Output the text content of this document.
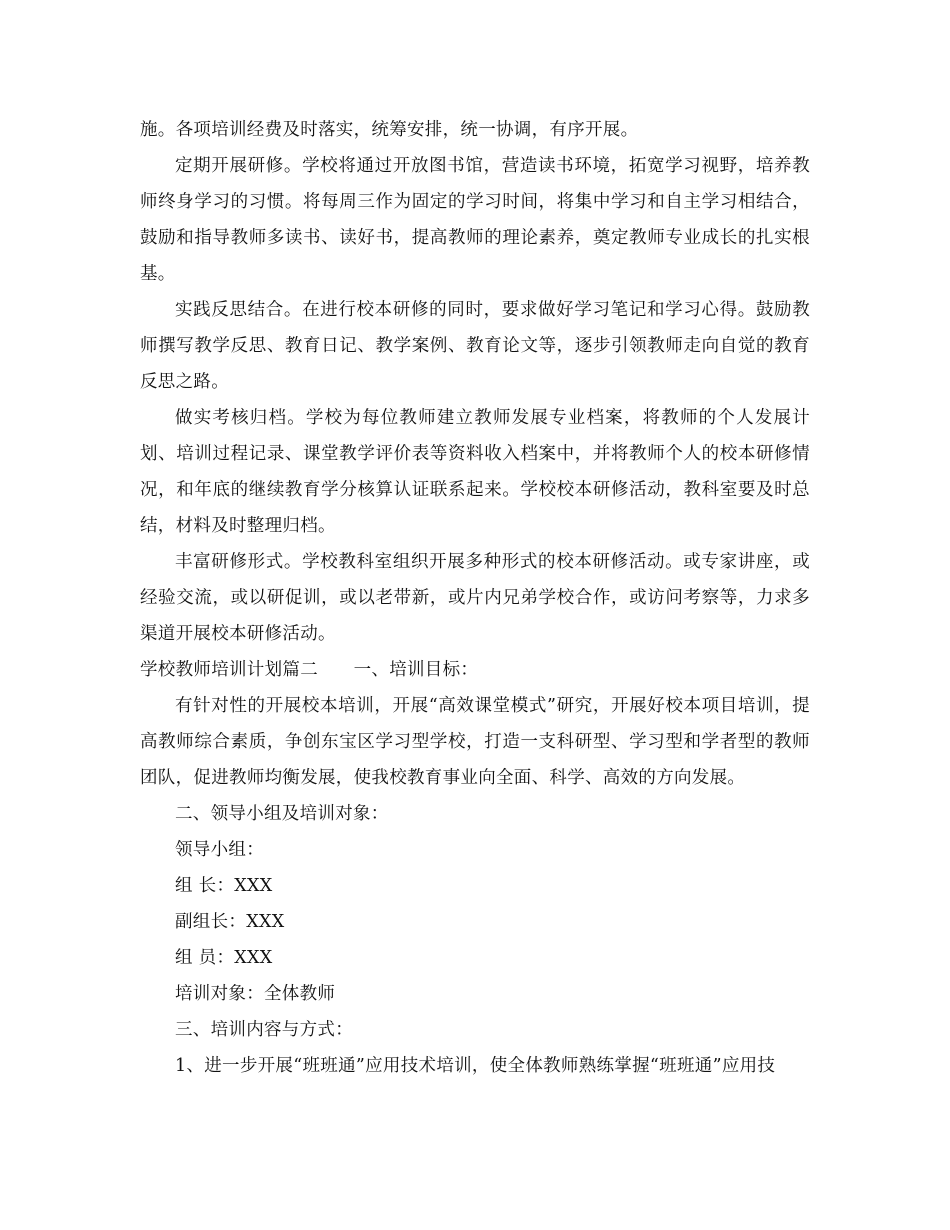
施。各项培训经费及时落实，统筹安排，统一协调，有序开展。

定期开展研修。学校将通过开放图书馆，营造读书环境，拓宽学习视野，培养教师终身学习的习惯。将每周三作为固定的学习时间，将集中学习和自主学习相结合，鼓励和指导教师多读书、读好书，提高教师的理论素养，奠定教师专业成长的扎实根基。

实践反思结合。在进行校本研修的同时，要求做好学习笔记和学习心得。鼓励教师撰写教学反思、教育日记、教学案例、教育论文等，逐步引领教师走向自觉的教育反思之路。

做实考核归档。学校为每位教师建立教师发展专业档案，将教师的个人发展计划、培训过程记录、课堂教学评价表等资料收入档案中，并将教师个人的校本研修情况，和年底的继续教育学分核算认证联系起来。学校校本研修活动，教科室要及时总结，材料及时整理归档。

丰富研修形式。学校教科室组织开展多种形式的校本研修活动。或专家讲座，或经验交流，或以研促训，或以老带新，或片内兄弟学校合作，或访问考察等，力求多渠道开展校本研修活动。

学校教师培训计划篇二　　一、培训目标：

有针对性的开展校本培训，开展“高效课堂模式”研究，开展好校本项目培训，提高教师综合素质，争创东宝区学习型学校，打造一支科研型、学习型和学者型的教师团队，促进教师均衡发展，使我校教育事业向全面、科学、高效的方向发展。

二、领导小组及培训对象：

领导小组：

组 长：XXX

副组长：XXX

组 员：XXX

培训对象：全体教师

三、培训内容与方式：

1、进一步开展“班班通”应用技术培训，使全体教师熟练掌握“班班通”应用技
